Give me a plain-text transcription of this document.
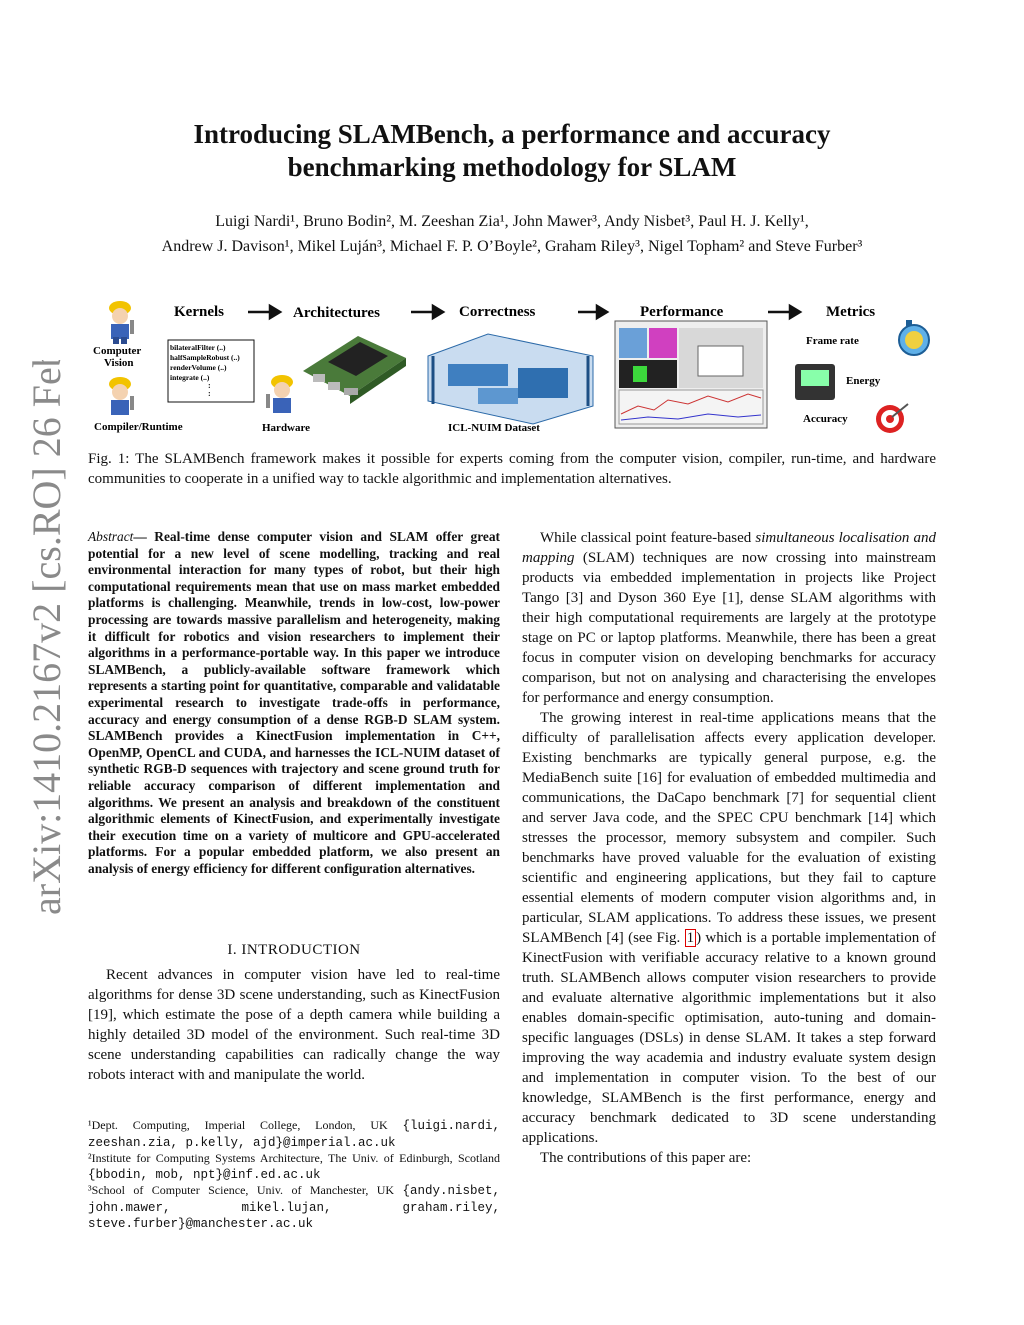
arXiv:1410.2167v2 [cs.RO] 26 Feb 2015
Introducing SLAMBench, a performance and accuracy
benchmarking methodology for SLAM
Luigi Nardi¹, Bruno Bodin², M. Zeeshan Zia¹, John Mawer³, Andy Nisbet³, Paul H. J. Kelly¹,
Andrew J. Davison¹, Mikel Luján³, Michael F. P. O’Boyle², Graham Riley³, Nigel Topham² and Steve Furber³
Kernels	Architectures	Correctness	Performance	Metrics
Computer
Vision
Compiler/Runtime
bilateralFilter (..)
halfSampleRobust (..)
renderVolume (..)
integrate (..)
:
:
Hardware	ICL-NUIM Dataset
Frame rate
Energy
Accuracy
Fig. 1: The SLAMBench framework makes it possible for experts coming from the computer vision, compiler, run-time, and hardware communities to cooperate in a unified way to tackle algorithmic and implementation alternatives.
Abstract— Real-time dense computer vision and SLAM offer great potential for a new level of scene modelling, tracking and real environmental interaction for many types of robot, but their high computational requirements mean that use on mass market embedded platforms is challenging. Meanwhile, trends in low-cost, low-power processing are towards massive parallelism and heterogeneity, making it difficult for robotics and vision researchers to implement their algorithms in a performance-portable way. In this paper we introduce SLAMBench, a publicly-available software framework which represents a starting point for quantitative, comparable and validatable experimental research to investigate trade-offs in performance, accuracy and energy consumption of a dense RGB-D SLAM system. SLAMBench provides a KinectFusion implementation in C++, OpenMP, OpenCL and CUDA, and harnesses the ICL-NUIM dataset of synthetic RGB-D sequences with trajectory and scene ground truth for reliable accuracy comparison of different implementation and algorithms. We present an analysis and breakdown of the constituent algorithmic elements of KinectFusion, and experimentally investigate their execution time on a variety of multicore and GPU-accelerated platforms. For a popular embedded platform, we also present an analysis of energy efficiency for different configuration alternatives.
I. INTRODUCTION

Recent advances in computer vision have led to real-time algorithms for dense 3D scene understanding, such as KinectFusion [19], which estimate the pose of a depth camera while building a highly detailed 3D model of the environment. Such real-time 3D scene understanding capabilities can radically change the way robots interact with and manipulate the world.

¹Dept. Computing, Imperial College, London, UK {luigi.nardi, zeeshan.zia, p.kelly, ajd}@imperial.ac.uk

²Institute for Computing Systems Architecture, The Univ. of Edinburgh, Scotland {bbodin, mob, npt}@inf.ed.ac.uk

³School of Computer Science, Univ. of Manchester, UK {andy.nisbet, john.mawer, mikel.lujan, graham.riley, steve.furber}@manchester.ac.uk

While classical point feature-based simultaneous localisation and mapping (SLAM) techniques are now crossing into mainstream products via embedded implementation in projects like Project Tango [3] and Dyson 360 Eye [1], dense SLAM algorithms with their high computational requirements are largely at the prototype stage on PC or laptop platforms. Meanwhile, there has been a great focus in computer vision on developing benchmarks for accuracy comparison, but not on analysing and characterising the envelopes for performance and energy consumption.

The growing interest in real-time applications means that the difficulty of parallelisation affects every application developer. Existing benchmarks are typically general purpose, e.g. the MediaBench suite [16] for evaluation of embedded multimedia and communications, the DaCapo benchmark [7] for sequential client and server Java code, and the SPEC CPU benchmark [14] which stresses the processor, memory subsystem and compiler. Such benchmarks have proved valuable for the evaluation of existing scientific and engineering applications, but they fail to capture essential elements of modern computer vision algorithms and, in particular, SLAM applications. To address these issues, we present SLAMBench [4] (see Fig. 1 ) which is a portable implementation of KinectFusion with verifiable accuracy relative to a known ground truth. SLAMBench allows computer vision researchers to provide and evaluate alternative algorithmic implementations but it also enables domain-specific optimisation, auto-tuning and domain-specific languages (DSLs) in dense SLAM. It takes a step forward improving the way academia and industry evaluate system design and implementation in computer vision. To the best of our knowledge, SLAMBench is the first performance, energy and accuracy benchmark dedicated to 3D scene understanding applications.

The contributions of this paper are:
